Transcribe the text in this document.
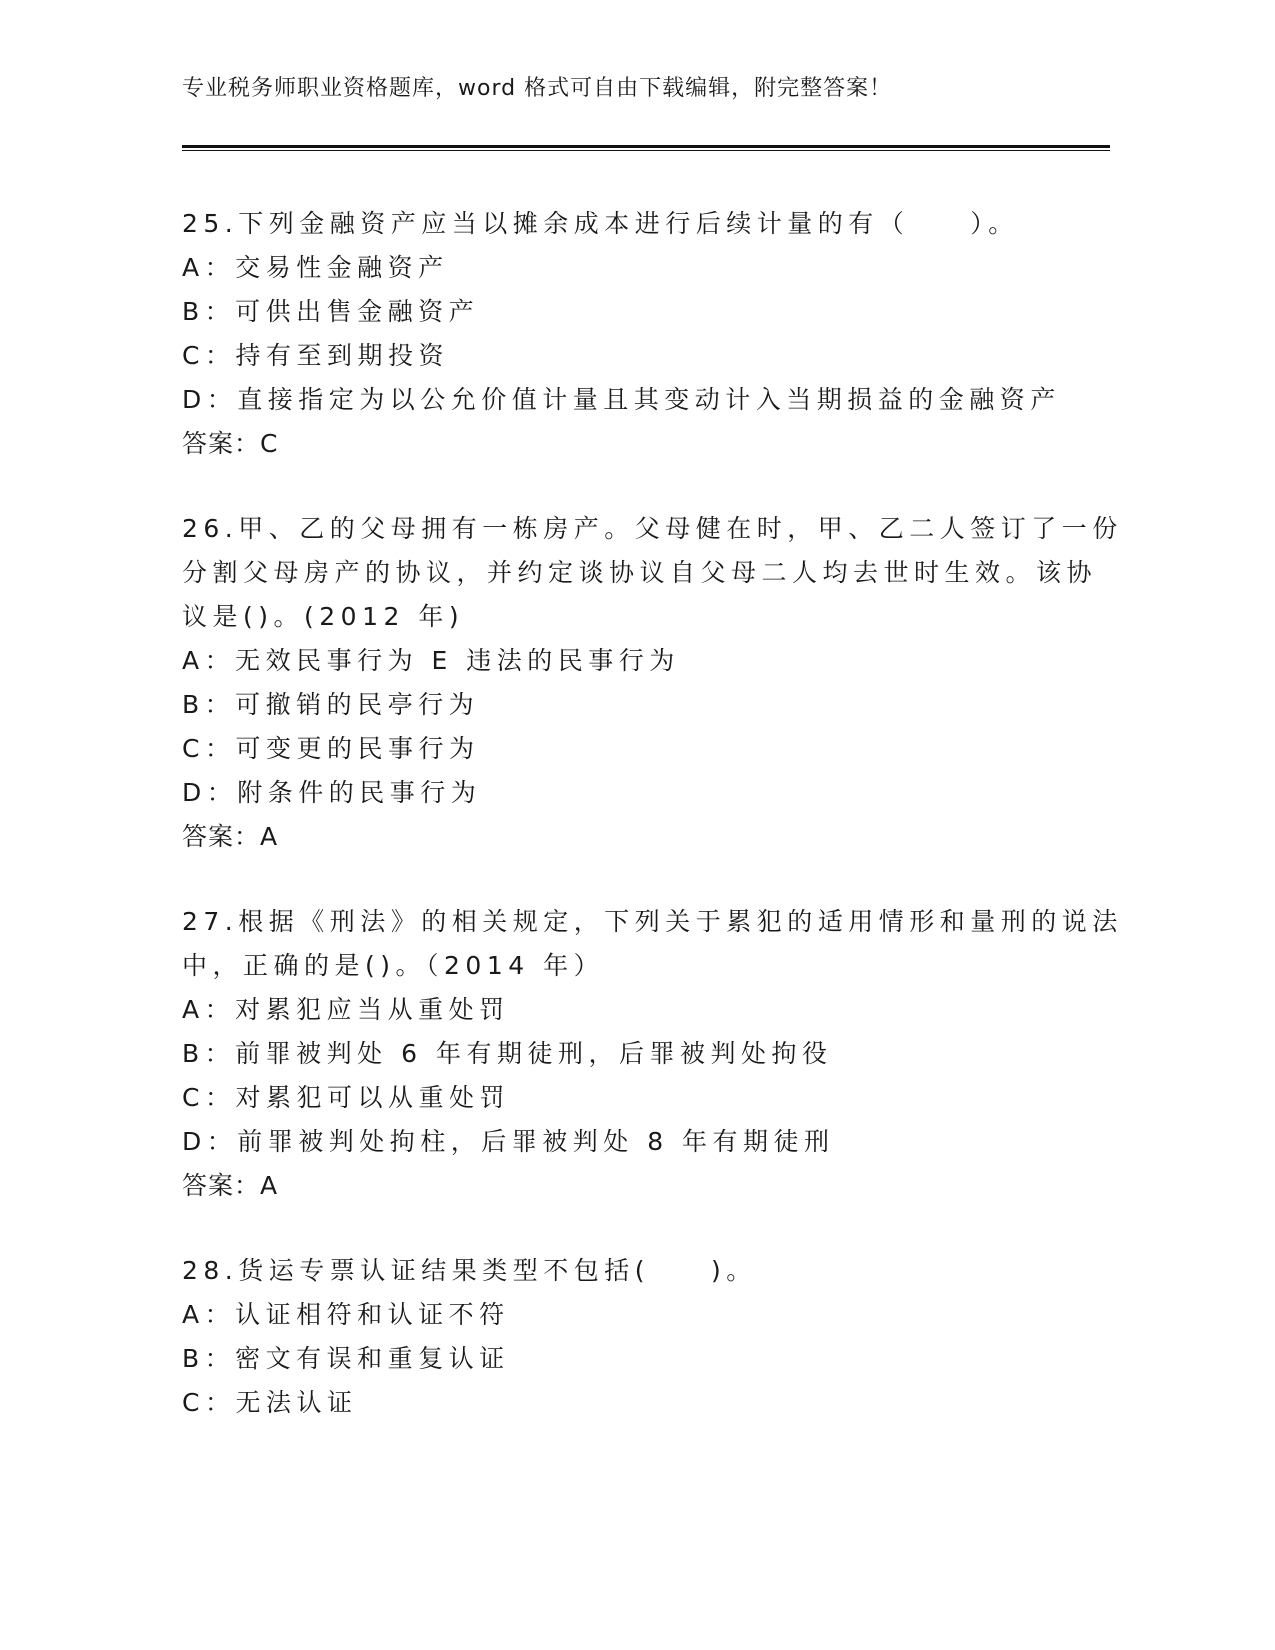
专业税务师职业资格题库，word 格式可自由下载编辑，附完整答案！
25.下列金融资产应当以摊余成本进行后续计量的有（　　）。
A：交易性金融资产
B：可供出售金融资产
C：持有至到期投资
D：直接指定为以公允价值计量且其变动计入当期损益的金融资产
答案：C
26.甲、乙的父母拥有一栋房产。父母健在时，甲、乙二人签订了一份
分割父母房产的协议，并约定谈协议自父母二人均去世时生效。该协
议是()。(2012 年)
A：无效民事行为 E 违法的民事行为
B：可撤销的民亭行为
C：可变更的民事行为
D：附条件的民事行为
答案：A
27.根据《刑法》的相关规定，下列关于累犯的适用情形和量刑的说法
中，正确的是()。（2014 年）
A：对累犯应当从重处罚
B：前罪被判处 6 年有期徒刑，后罪被判处拘役
C：对累犯可以从重处罚
D：前罪被判处拘柱，后罪被判处 8 年有期徒刑
答案：A
28.货运专票认证结果类型不包括(　　)。
A：认证相符和认证不符
B：密文有误和重复认证
C：无法认证
